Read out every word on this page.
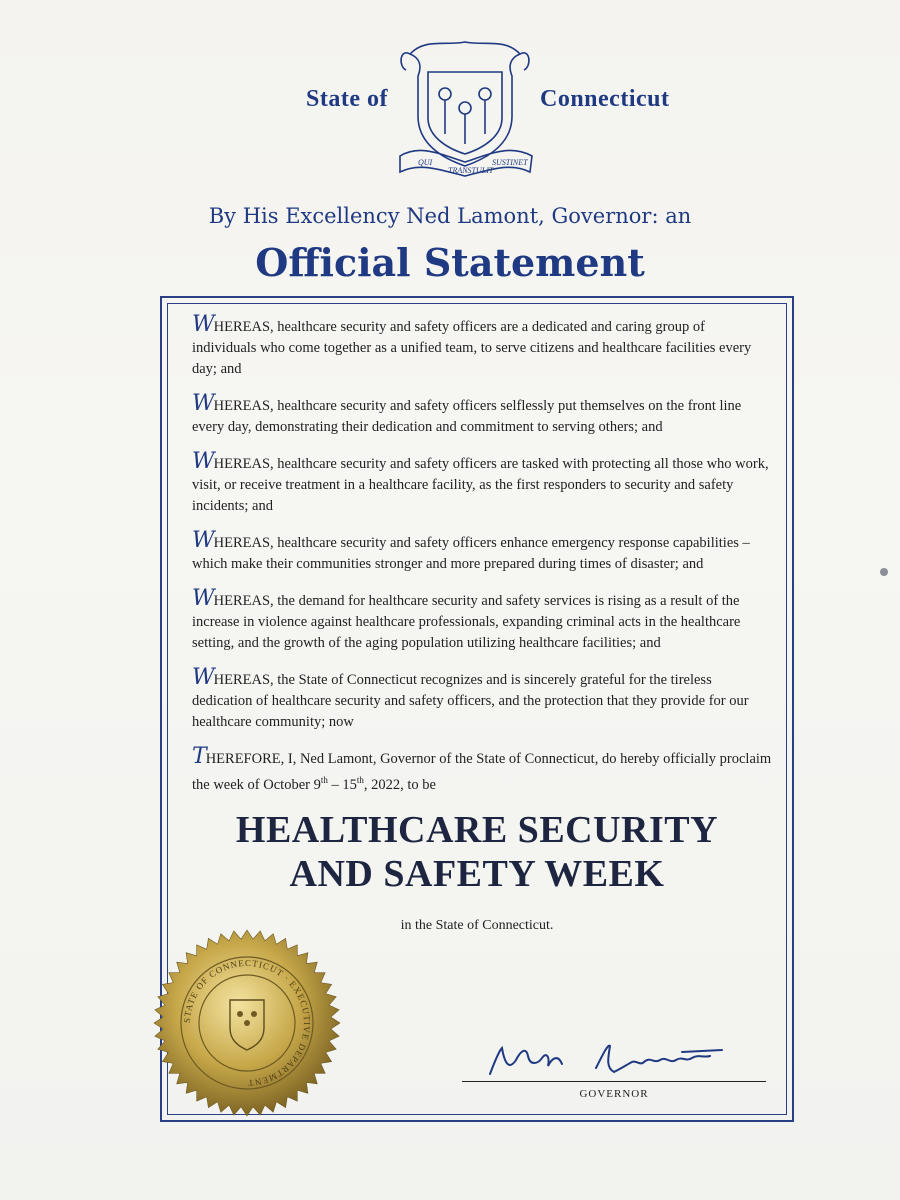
QUI
TRANSTULIT
SUSTINET
State of	Connecticut
By His Excellency Ned Lamont, Governor: an
Official Statement

WHEREAS, healthcare security and safety officers are a dedicated and caring group of individuals who come together as a unified team, to serve citizens and healthcare facilities every day; and

WHEREAS, healthcare security and safety officers selflessly put themselves on the front line every day, demonstrating their dedication and commitment to serving others; and

WHEREAS, healthcare security and safety officers are tasked with protecting all those who work, visit, or receive treatment in a healthcare facility, as the first responders to security and safety incidents; and

WHEREAS, healthcare security and safety officers enhance emergency response capabilities – which make their communities stronger and more prepared during times of disaster; and

WHEREAS, the demand for healthcare security and safety services is rising as a result of the increase in violence against healthcare professionals, expanding criminal acts in the healthcare setting, and the growth of the aging population utilizing healthcare facilities; and

WHEREAS, the State of Connecticut recognizes and is sincerely grateful for the tireless dedication of healthcare security and safety officers, and the protection that they provide for our healthcare community; now

THEREFORE, I, Ned Lamont, Governor of the State of Connecticut, do hereby officially proclaim the week of October 9th – 15th, 2022, to be

HEALTHCARE SECURITY
AND SAFETY WEEK
in the State of Connecticut.
STATE OF CONNECTICUT · EXECUTIVE DEPARTMENT
GOVERNOR
